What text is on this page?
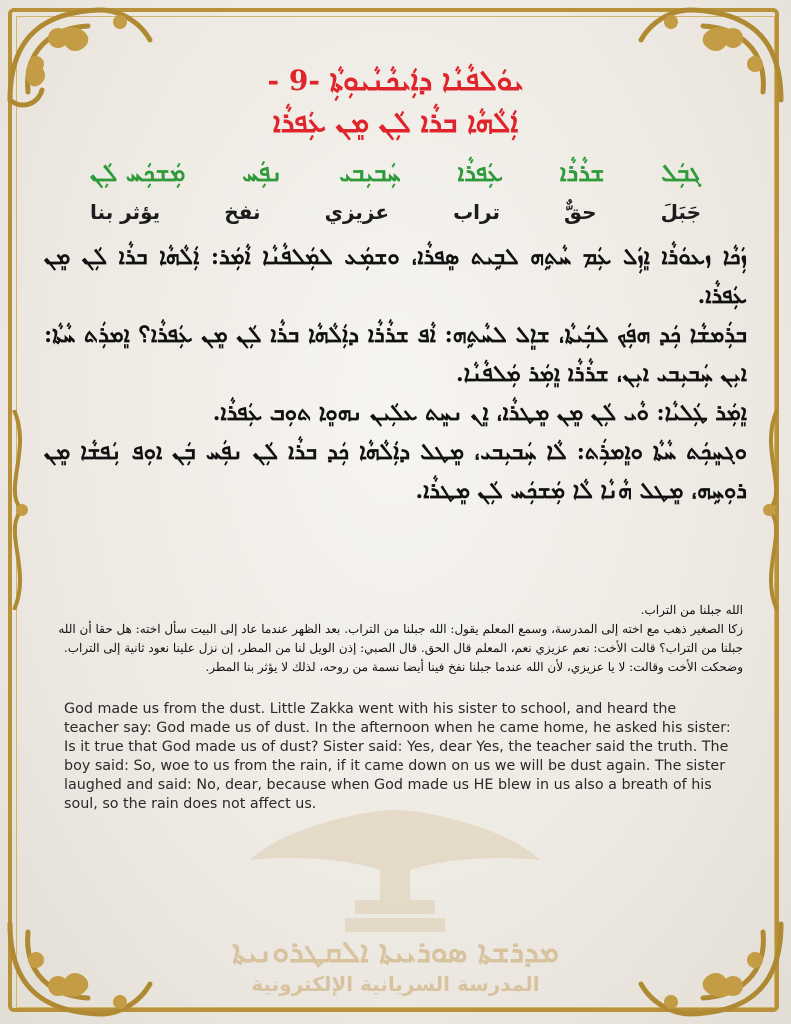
ܡܕܪܫܬܐ ܣܘܪܝܝܬܐ ܐܠܩܛܪܘܢܝܬܐ
المدرسة السريانية الإلكترونية
ܝܘܿܠܦܵܢܵܐ ܕܐܲܝܟܵܢܵܝܘܼܬܼܵܐ -9 -
ܐܲܠܵܗܵܐ ܒܪܵܐ ܠܲܢ ܡܸܢ ܥܲܦܪܵܐ
ܓܒܲܠ
ܫܪܵܪܵܐ
ܥܲܦܪܵܐ
ܚܲܒܝܼܒܝ
ܢܦܲܚ
ܡܲܫܟܲܚ ܠܲܢ
جَبَلَ
حقٌّ
تراب
عزيزي
نفخ
يؤثر بنا

ܙܲܟܵܐ ܙܥܘܿܪܵܐ ܐܸܙܲܠ ܥܲܡ ܚܵܬܹܗ ܠܒܹܝܬ ܣܸܦܪܵܐ، ܘܫܡܲܥ ܠܡܲܠܦܵܢܵܐ ܐܵܡܲܪ: ܐܲܠܵܗܵܐ ܒܪܵܐ ܠܲܢ ܡܸܢ ܥܲܦܪܵܐ.

ܒܪܲܡܫܵܐ ܟܲܕ ܗܦܲܟ ܠܒܲܝܬܵܐ، ܫܐܸܠ ܠܚܵܬܹܗ: ܐܵܦ ܫܪܵܪܵܐ ܕܐܲܠܵܗܵܐ ܒܪܵܐ ܠܲܢ ܡܸܢ ܥܲܦܪܵܐ؟ ܐܸܡܪܲܬ ܚܵܬܵܐ: ܐܝܼܢ ܚܲܒܝܼܒܝ ܐܝܼܢ، ܫܪܵܪܵܐ ܐܸܡܲܪ ܡܲܠܦܵܢܵܐ.

ܐܸܡܲܪ ܛܲܠܝܵܐ: ܘܵܝ ܠܲܢ ܡܸܢ ܡܸܛܪܵܐ، ܐܸܢ ܢܚܸܬ ܥܠܲܝܢ ܢܗܘܸܐ ܬܘܼܒ ܥܲܦܪܵܐ.

ܘܓܚܸܟܲܬ ܚܵܬܵܐ ܘܐܸܡܪܲܬ: ܠܵܐ ܚܲܒܝܼܒܝ، ܡܸܛܠ ܕܐܲܠܵܗܵܐ ܟܲܕ ܒܪܵܐ ܠܲܢ ܢܦܲܚ ܒܲܢ ܐܘܼܦ ܢܲܦܫܵܐ ܡܸܢ ܪܘܼܚܹܗ، ܡܸܛܠ ܗܵܢܵܐ ܠܵܐ ܡܲܫܟܲܚ ܠܲܢ ܡܸܛܪܵܐ.

الله جبلنا من التراب.

زكا الصغير ذهب مع اخته إلى المدرسة، وسمع المعلم يقول: الله جبلنا من التراب. بعد الظهر عندما عاد إلى البيت سأل اخته: هل حقا أن الله جبلنا من التراب؟ قالت الأخت: نعم عزيزي نعم، المعلم قال الحق. قال الصبي: إذن الويل لنا من المطر، إن نزل علينا نعود ثانية إلى التراب.

وضحكت الأخت وقالت: لا يا عزيزي، لأن الله عندما جبلنا نفخ فينا أيضا نسمة من روحه، لذلك لا يؤثر بنا المطر.

God made us from the dust. Little Zakka went with his sister to school, and heard the teacher say: God made us of dust. In the afternoon when he came home, he asked his sister: Is it true that God made us of dust? Sister said: Yes, dear Yes, the teacher said the truth. The boy said: So, woe to us from the rain, if it came down on us we will be dust again. The sister laughed and said: No, dear, because when God made us HE blew in us also a breath of his soul, so the rain does not affect us.
